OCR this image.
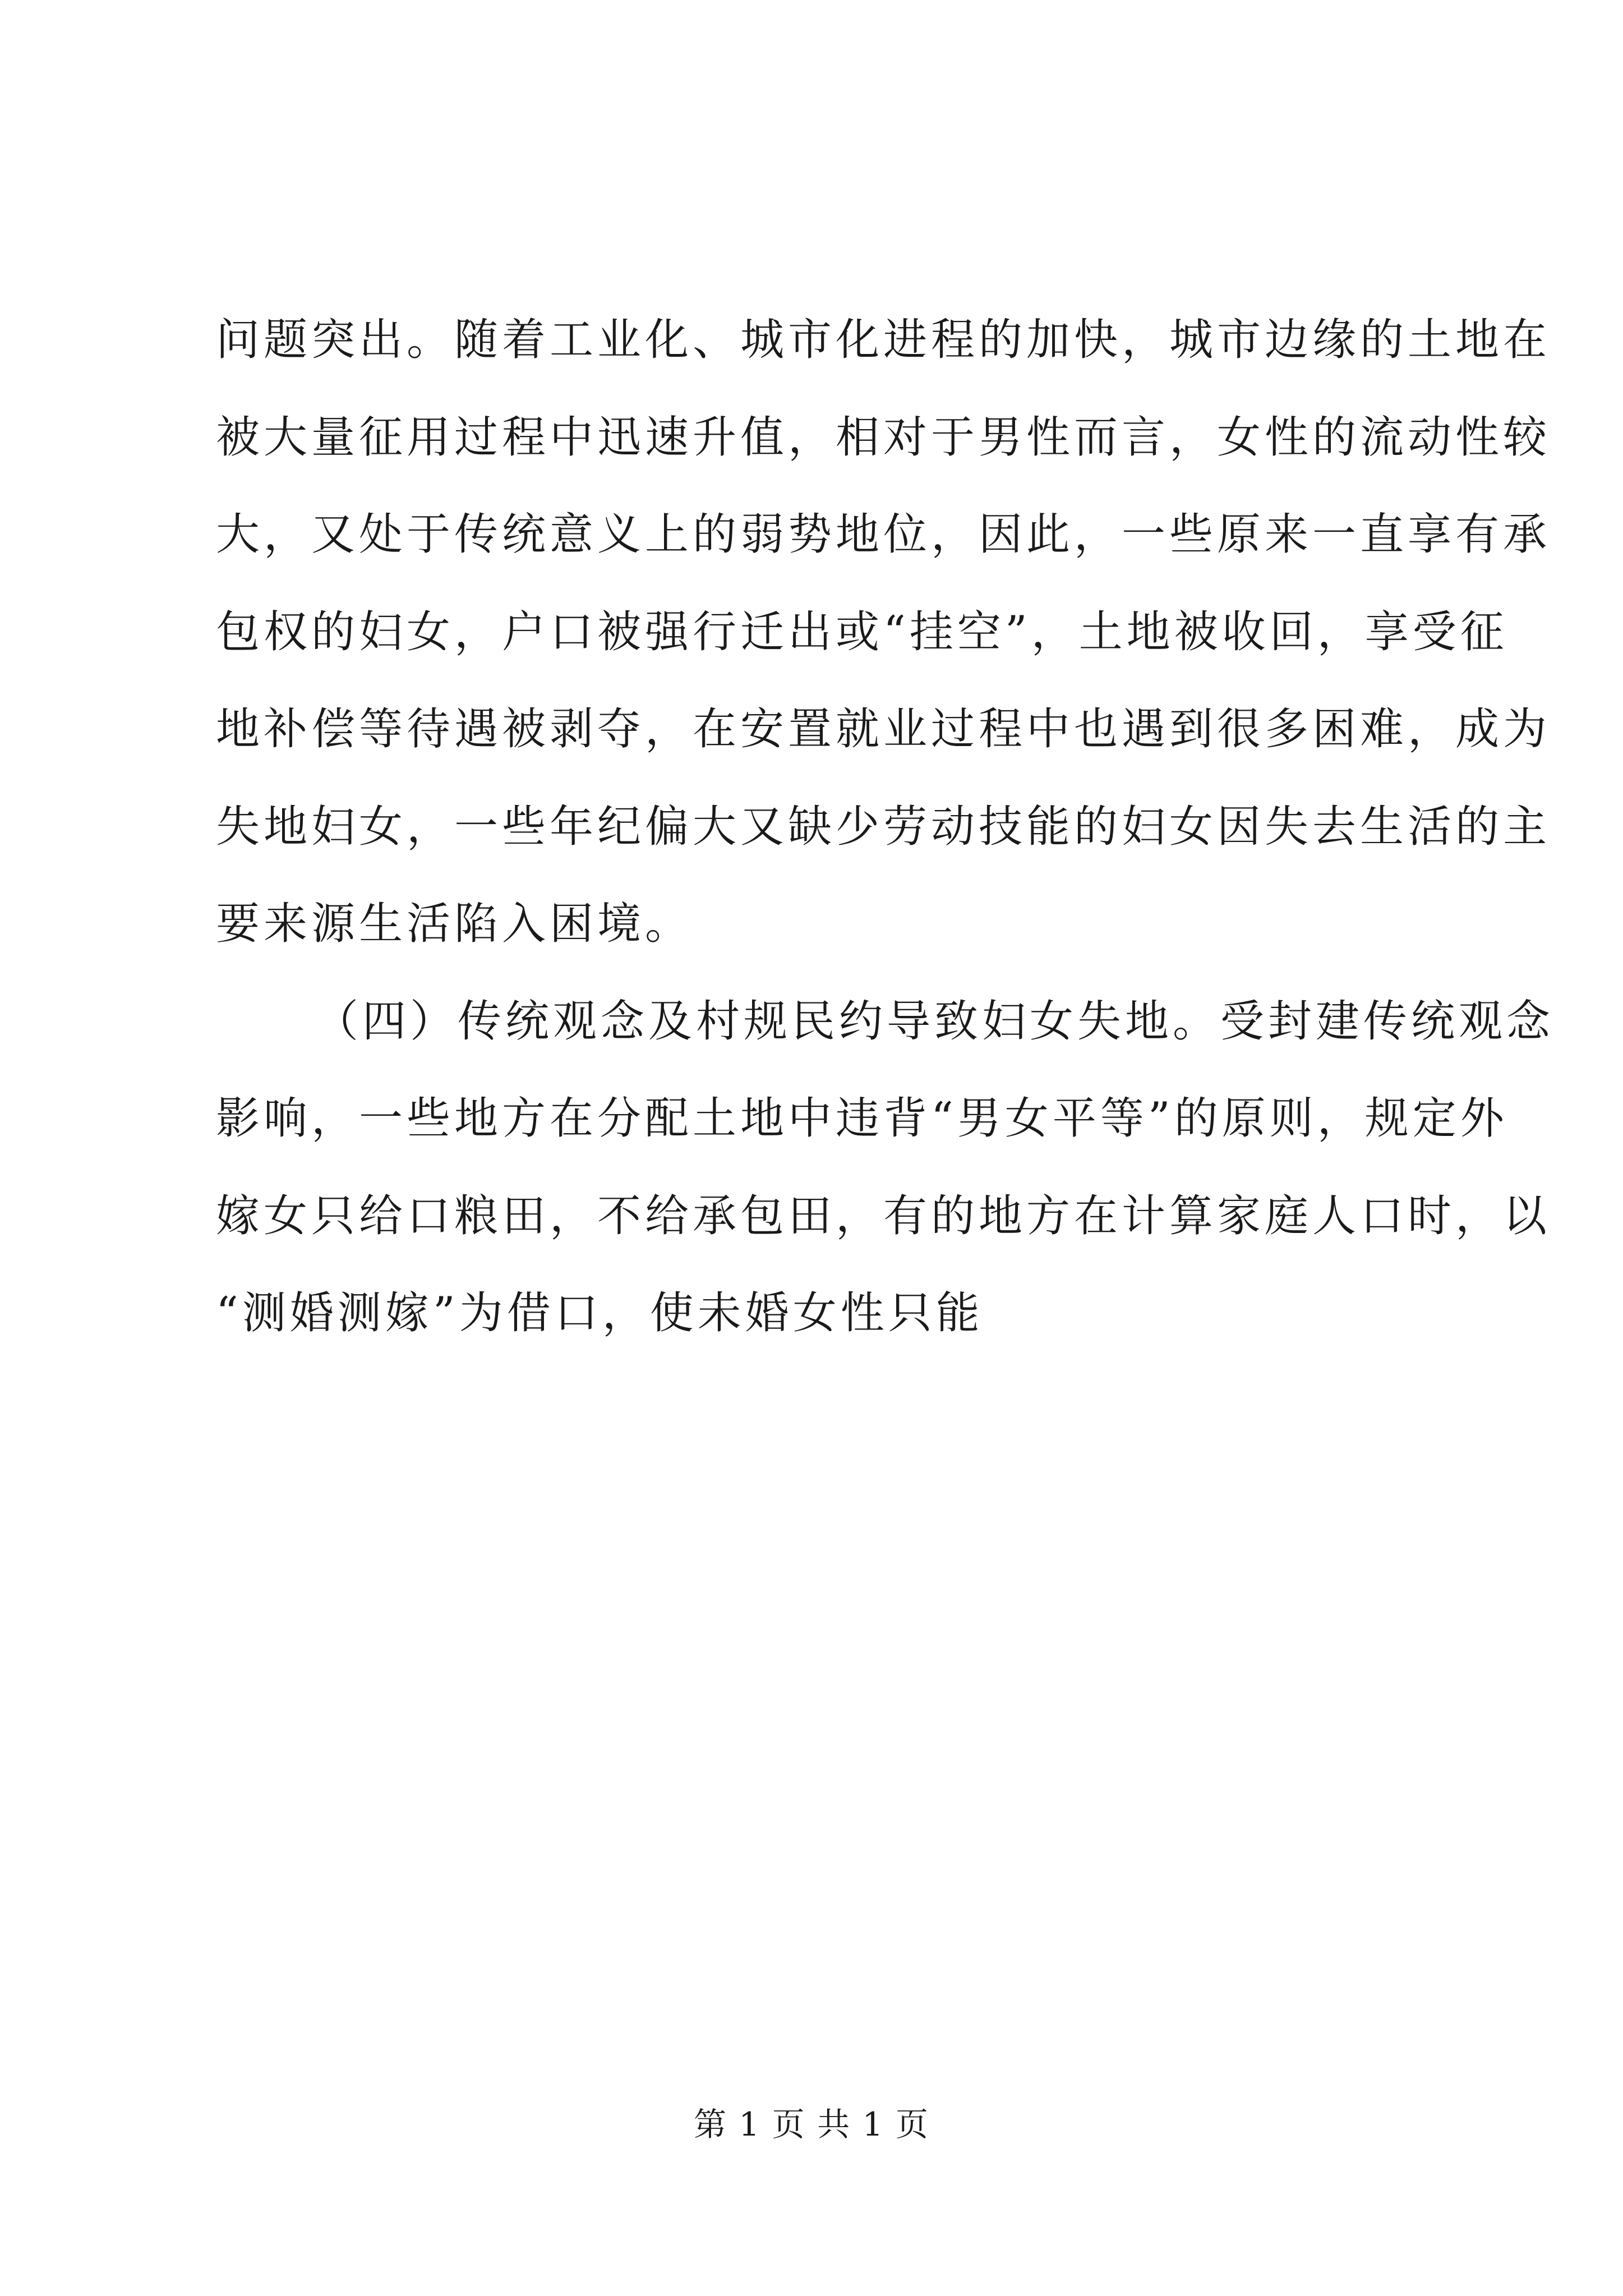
问题突出。随着工业化、城市化进程的加快，城市边缘的土地在
被大量征用过程中迅速升值，相对于男性而言，女性的流动性较
大，又处于传统意义上的弱势地位，因此，一些原来一直享有承
包权的妇女，户口被强行迁出或“挂空”，土地被收回，享受征
地补偿等待遇被剥夺，在安置就业过程中也遇到很多困难，成为
失地妇女，一些年纪偏大又缺少劳动技能的妇女因失去生活的主
要来源生活陷入困境。
（四）传统观念及村规民约导致妇女失地。受封建传统观念
影响，一些地方在分配土地中违背“男女平等”的原则，规定外
嫁女只给口粮田，不给承包田，有的地方在计算家庭人口时，以
“测婚测嫁”为借口，使未婚女性只能
第 1 页 共 1 页
